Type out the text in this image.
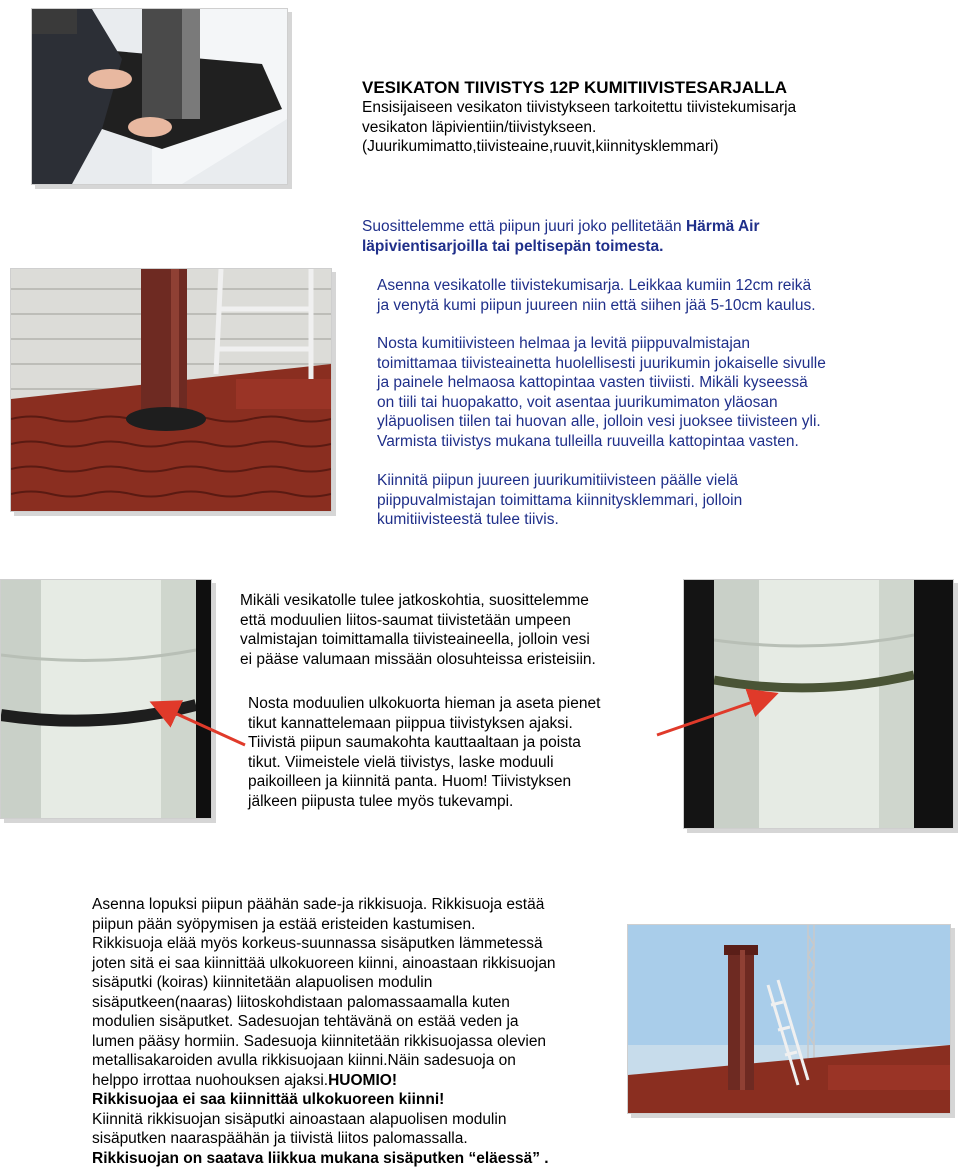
VESIKATON TIIVISTYS 12P KUMITIIVISTESARJALLA

Ensisijaiseen vesikaton tiivistykseen tarkoitettu tiivistekumisarja

vesikaton läpivientiin/tiivistykseen.

(Juurikumimatto,tiivisteaine,ruuvit,kiinnitysklemmari)

Suosittelemme että piipun juuri joko pellitetään Härmä Air

läpivientisarjoilla tai peltisepän toimesta.

Asenna vesikatolle tiivistekumisarja. Leikkaa kumiin 12cm reikä

ja venytä kumi piipun juureen niin että siihen jää 5-10cm kaulus.

Nosta kumitiivisteen helmaa ja levitä piippuvalmistajan

toimittamaa tiivisteainetta huolellisesti juurikumin jokaiselle sivulle

ja painele helmaosa kattopintaa vasten tiiviisti. Mikäli kyseessä

on tiili tai huopakatto, voit asentaa juurikumimaton yläosan

yläpuolisen tiilen tai huovan alle, jolloin vesi juoksee tiivisteen yli.

Varmista tiivistys mukana tulleilla ruuveilla kattopintaa vasten.

Kiinnitä piipun juureen juurikumitiivisteen päälle vielä

piippuvalmistajan toimittama kiinnitysklemmari, jolloin

kumitiivisteestä tulee tiivis.

Mikäli vesikatolle tulee jatkoskohtia, suosittelemme

että moduulien liitos-saumat tiivistetään umpeen

valmistajan toimittamalla tiivisteaineella, jolloin vesi

ei pääse valumaan missään olosuhteissa eristeisiin.

Nosta moduulien ulkokuorta hieman ja aseta pienet

tikut kannattelemaan piippua tiivistyksen ajaksi.

Tiivistä piipun saumakohta kauttaaltaan ja poista

tikut. Viimeistele vielä tiivistys, laske moduuli

paikoilleen ja kiinnitä panta. Huom! Tiivistyksen

jälkeen piipusta tulee myös tukevampi.

Asenna lopuksi piipun päähän sade-ja rikkisuoja. Rikkisuoja estää

piipun pään syöpymisen ja estää eristeiden kastumisen.

Rikkisuoja elää myös korkeus-suunnassa sisäputken lämmetessä

joten sitä ei saa kiinnittää ulkokuoreen kiinni, ainoastaan rikkisuojan

sisäputki (koiras) kiinnitetään alapuolisen modulin

sisäputkeen(naaras) liitoskohdistaan palomassaamalla kuten

modulien sisäputket. Sadesuojan tehtävänä on estää veden ja

lumen pääsy hormiin. Sadesuoja kiinnitetään rikkisuojassa olevien

metallisakaroiden avulla rikkisuojaan kiinni.Näin sadesuoja on

helppo irrottaa nuohouksen ajaksi.HUOMIO!

Rikkisuojaa ei saa kiinnittää ulkokuoreen kiinni!

Kiinnitä rikkisuojan sisäputki ainoastaan alapuolisen modulin

sisäputken naaraspäähän ja tiivistä liitos palomassalla.

Rikkisuojan on saatava liikkua mukana sisäputken “eläessä” .
